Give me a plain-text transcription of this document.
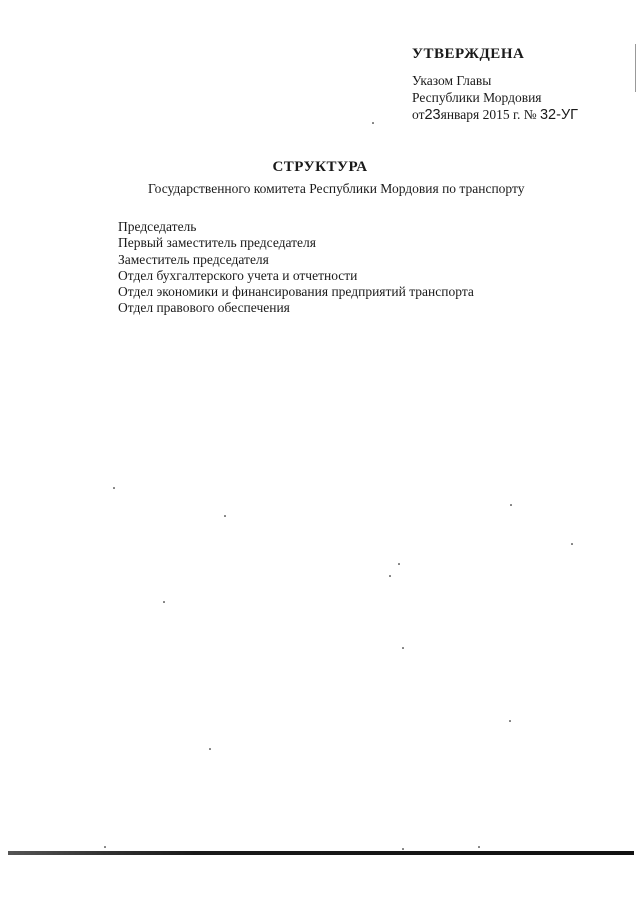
УТВЕРЖДЕНА
Указом Главы
Республики Мордовия
от23января 2015 г. № 32-УГ
СТРУКТУРА
Государственного комитета Республики Мордовия по транспорту
Председатель
Первый заместитель председателя
Заместитель председателя
Отдел бухгалтерского учета и отчетности
Отдел экономики и финансирования предприятий транспорта
Отдел правового обеспечения
